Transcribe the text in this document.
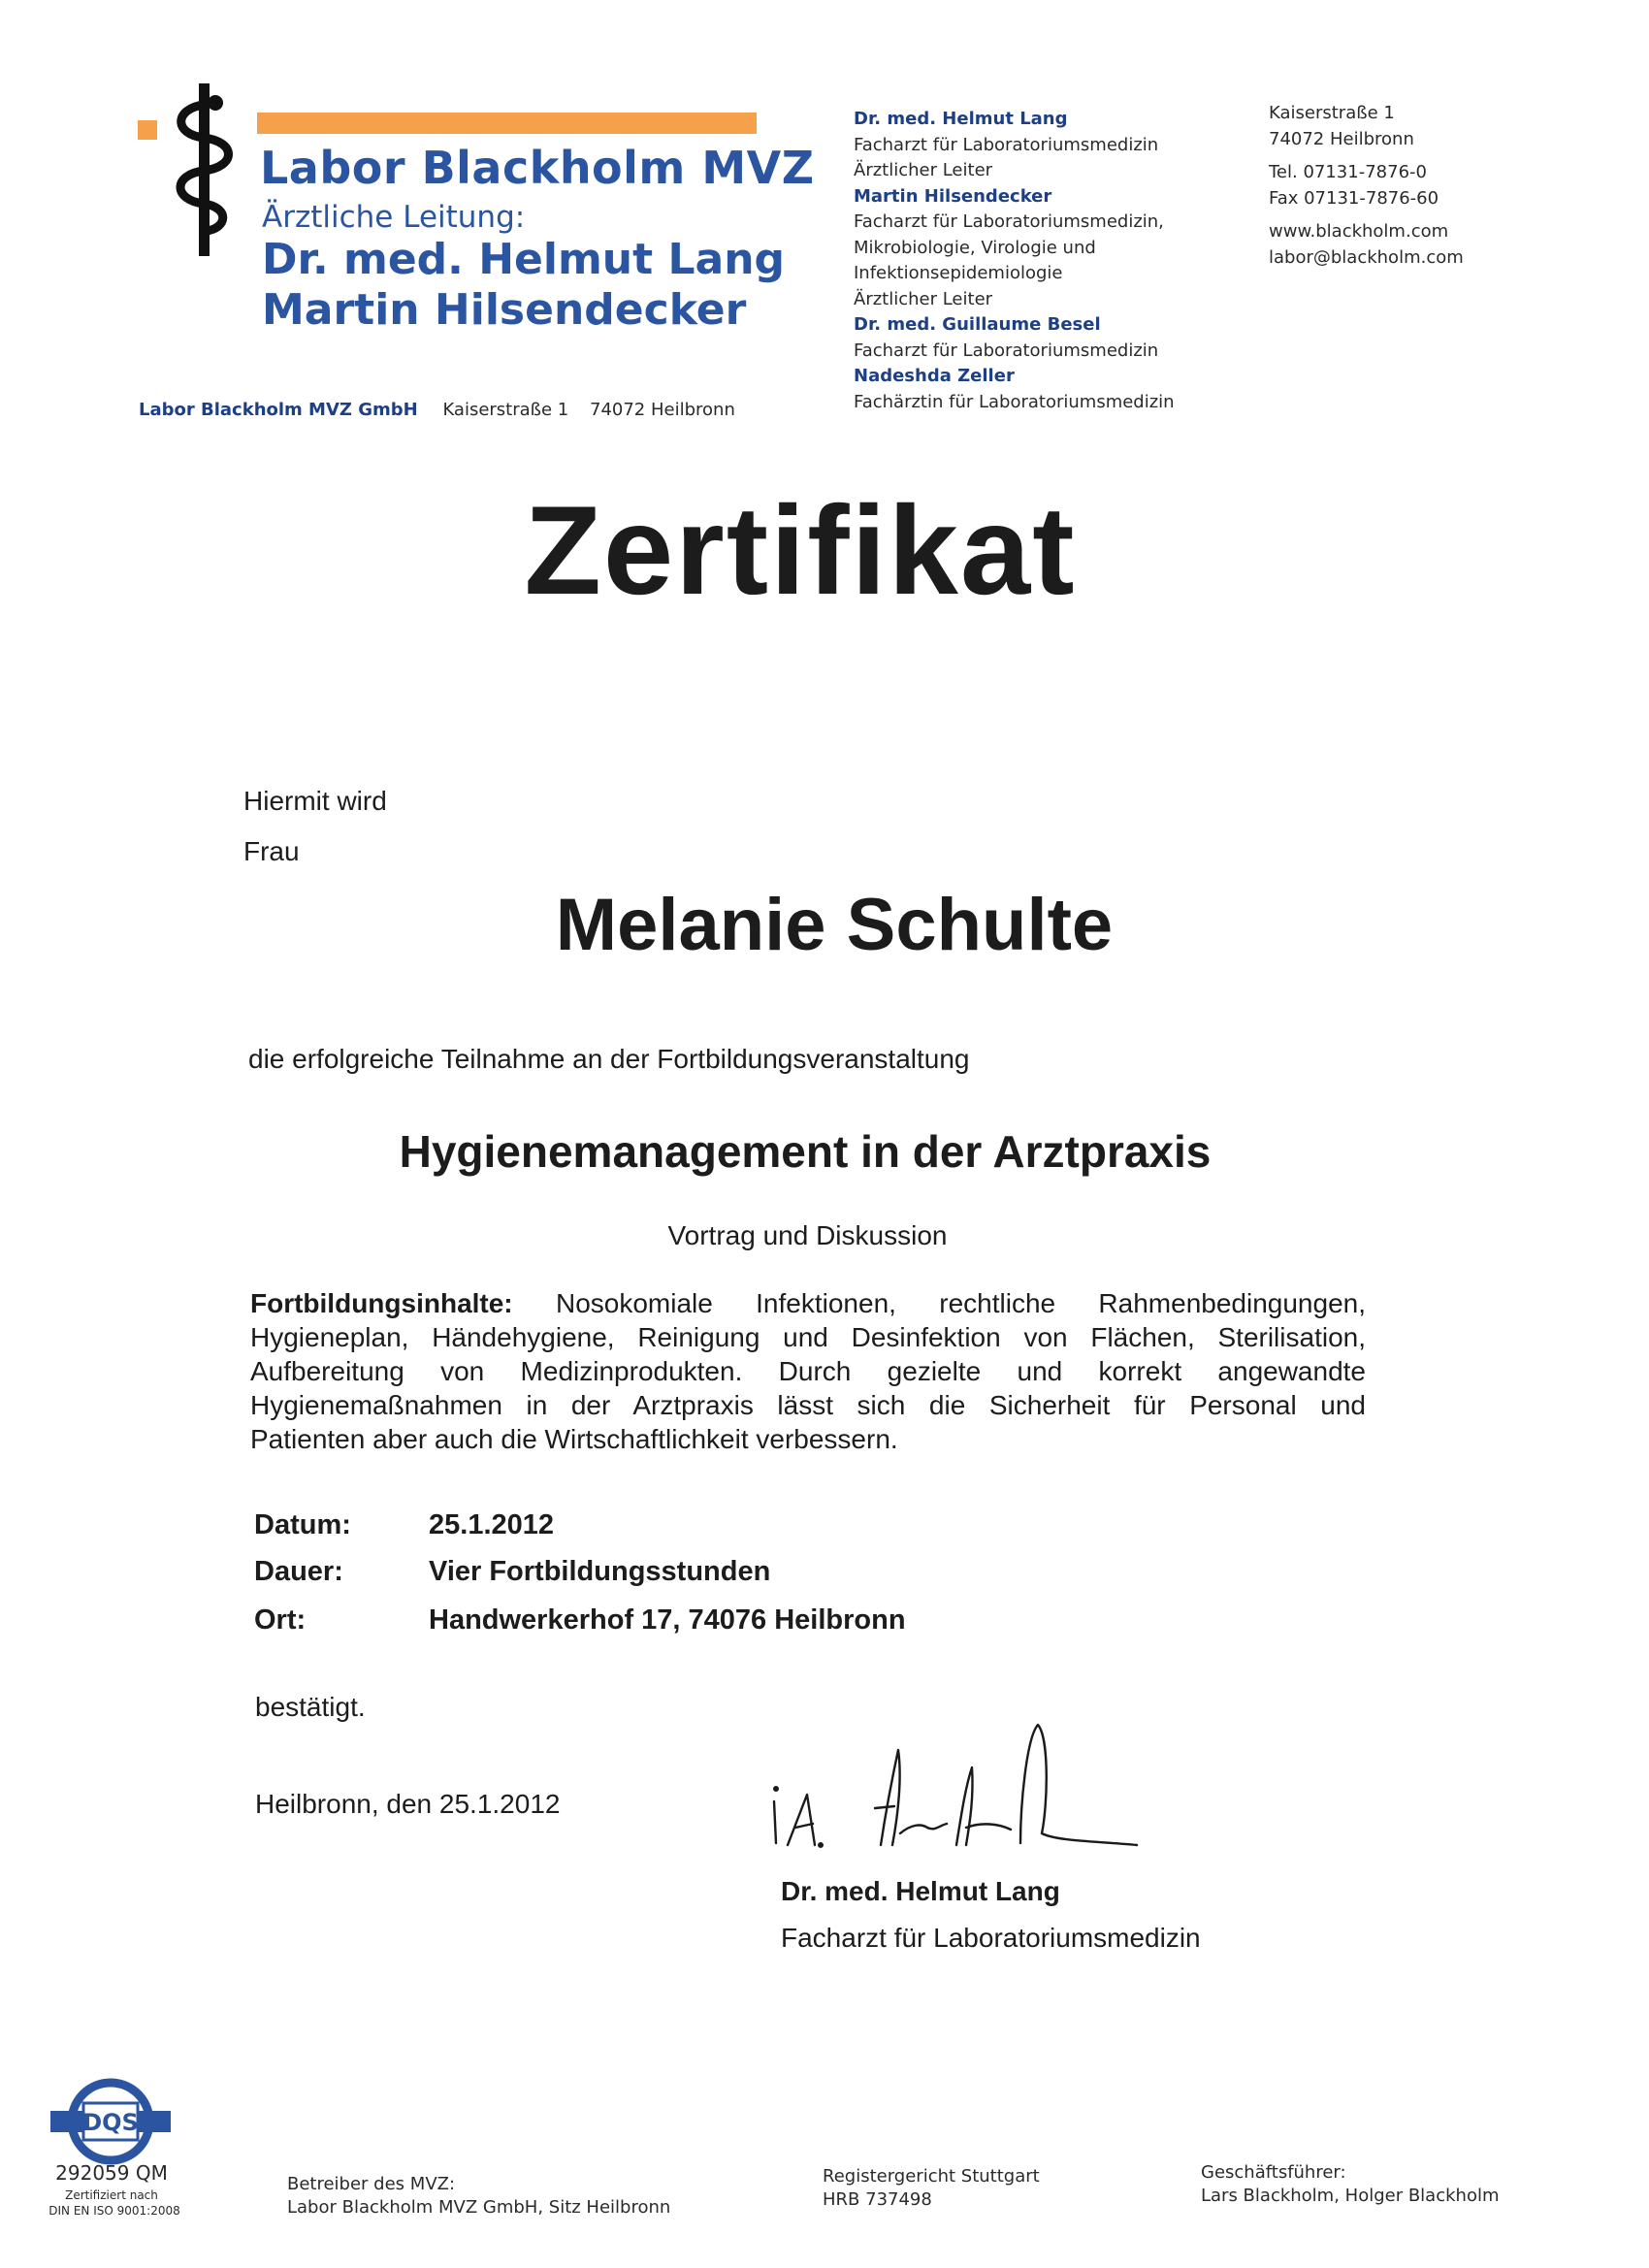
Labor Blackholm MVZ
Ärztliche Leitung:
Dr. med. Helmut Lang
Martin Hilsendecker
Labor Blackholm MVZ GmbH Kaiserstraße 1 74072 Heilbronn
Dr. med. Helmut Lang
Facharzt für Laboratoriumsmedizin
Ärztlicher Leiter
Martin Hilsendecker
Facharzt für Laboratoriumsmedizin,
Mikrobiologie, Virologie und
Infektionsepidemiologie
Ärztlicher Leiter
Dr. med. Guillaume Besel
Facharzt für Laboratoriumsmedizin
Nadeshda Zeller
Fachärztin für Laboratoriumsmedizin
Kaiserstraße 1
74072 Heilbronn
Tel. 07131-7876-0
Fax 07131-7876-60
www.blackholm.com
labor@blackholm.com
Zertifikat
Hiermit wird
Frau
Melanie Schulte
die erfolgreiche Teilnahme an der Fortbildungsveranstaltung
Hygienemanagement in der Arztpraxis
Vortrag und Diskussion
Fortbildungsinhalte: Nosokomiale Infektionen, rechtliche Rahmenbedingungen,
Hygieneplan, Händehygiene, Reinigung und Desinfektion von Flächen, Sterilisation,
Aufbereitung von Medizinprodukten. Durch gezielte und korrekt angewandte
Hygienemaßnahmen in der Arztpraxis lässt sich die Sicherheit für Personal und
Patienten aber auch die Wirtschaftlichkeit verbessern.
Datum:	25.1.2012
Dauer:	Vier Fortbildungsstunden
Ort:	Handwerkerhof 17, 74076 Heilbronn
bestätigt.
Heilbronn, den 25.1.2012
Dr. med. Helmut Lang
Facharzt für Laboratoriumsmedizin
DQS
292059 QM
Zertifiziert nach
DIN EN ISO 9001:2008
Betreiber des MVZ:
Labor Blackholm MVZ GmbH, Sitz Heilbronn
Registergericht Stuttgart
HRB 737498
Geschäftsführer:
Lars Blackholm, Holger Blackholm
